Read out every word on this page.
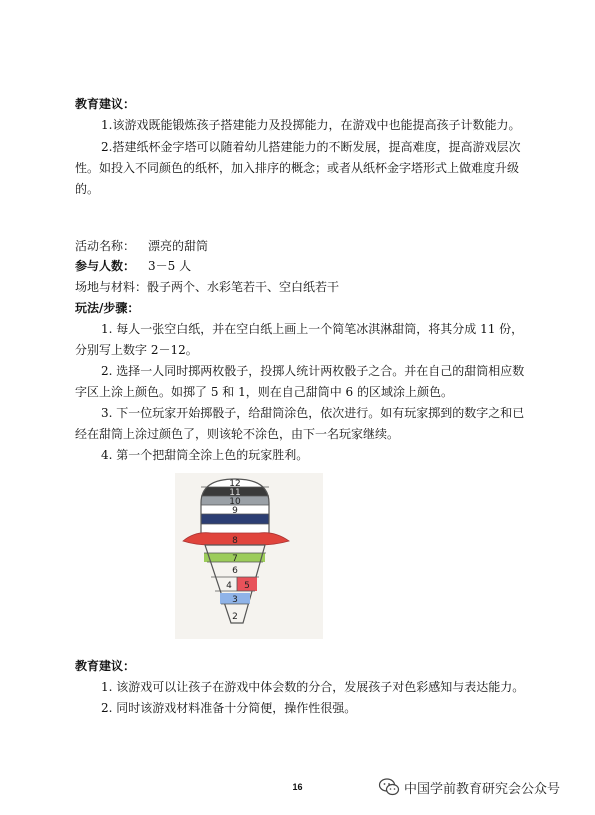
教育建议：
1.该游戏既能锻炼孩子搭建能力及投掷能力，在游戏中也能提高孩子计数能力。
2.搭建纸杯金字塔可以随着幼儿搭建能力的不断发展，提高难度，提高游戏层次
性。如投入不同颜色的纸杯，加入排序的概念；或者从纸杯金字塔形式上做难度升级
的。
活动名称： 漂亮的甜筒
参与人数： 3－5 人
场地与材料： 骰子两个、水彩笔若干、空白纸若干
玩法/步骤：
1. 每人一张空白纸，并在空白纸上画上一个简笔冰淇淋甜筒，将其分成 11 份，
分别写上数字 2－12。
2. 选择一人同时掷两枚骰子，投掷人统计两枚骰子之合。并在自己的甜筒相应数
字区上涂上颜色。如掷了 5 和 1，则在自己甜筒中 6 的区域涂上颜色。
3. 下一位玩家开始掷骰子，给甜筒涂色，依次进行。如有玩家掷到的数字之和已
经在甜筒上涂过颜色了，则该轮不涂色，由下一名玩家继续。
4. 第一个把甜筒全涂上色的玩家胜利。
12
11
10
9
8
7
6
4 5
3
2
教育建议：
1. 该游戏可以让孩子在游戏中体会数的分合，发展孩子对色彩感知与表达能力。
2. 同时该游戏材料准备十分简便，操作性很强。
16	中国学前教育研究会公众号
